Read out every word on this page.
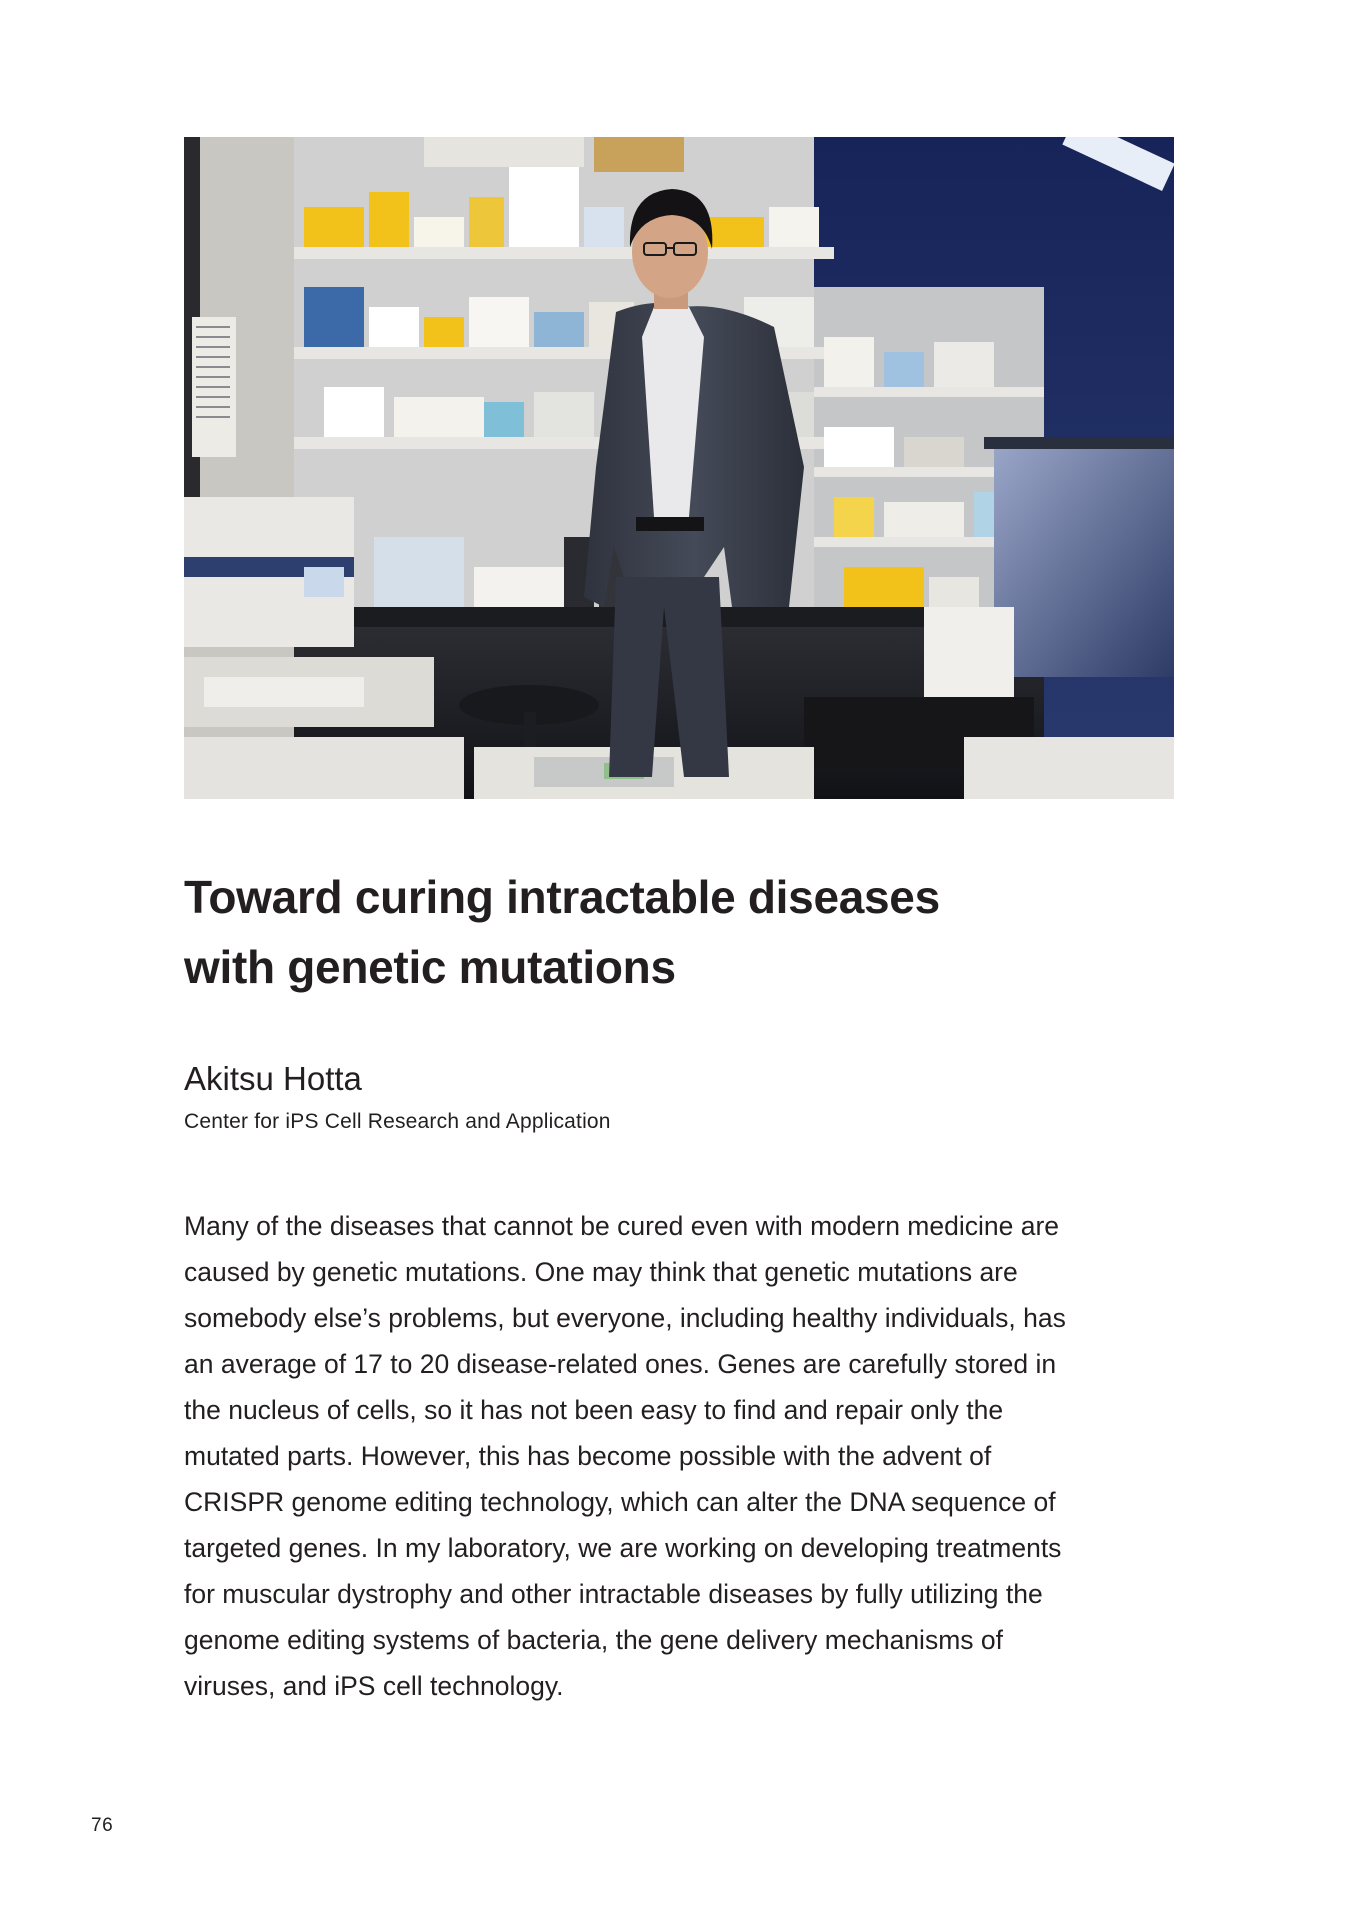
Toward curing intractable diseases
with genetic mutations
Akitsu Hotta

Center for iPS Cell Research and Application

Many of the diseases that cannot be cured even with modern medicine are
caused by genetic mutations. One may think that genetic mutations are
somebody else’s problems, but everyone, including healthy individuals, has
an average of 17 to 20 disease-related ones. Genes are carefully stored in
the nucleus of cells, so it has not been easy to find and repair only the
mutated parts. However, this has become possible with the advent of
CRISPR genome editing technology, which can alter the DNA sequence of
targeted genes. In my laboratory, we are working on developing treatments
for muscular dystrophy and other intractable diseases by fully utilizing the
genome editing systems of bacteria, the gene delivery mechanisms of
viruses, and iPS cell technology.
76
